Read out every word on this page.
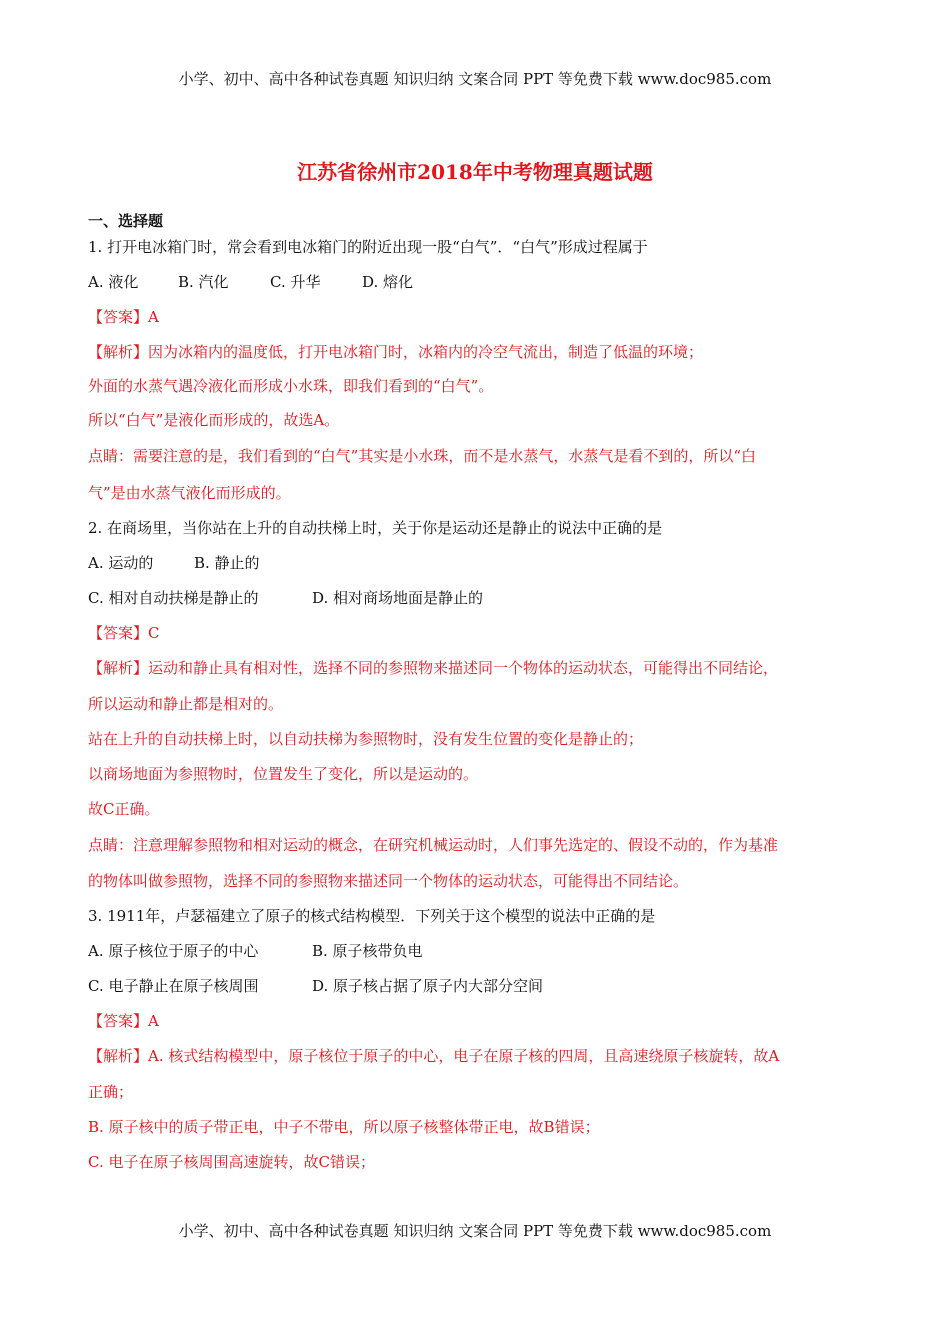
小学、初中、高中各种试卷真题 知识归纳 文案合同 PPT 等免费下载 www.doc985.com
江苏省徐州市2018年中考物理真题试题
一、选择题
1. 打开电冰箱门时，常会看到电冰箱门的附近出现一股“白气”．“白气”形成过程属于
A. 液化	B. 汽化	C. 升华	D. 熔化
【答案】A
【解析】因为冰箱内的温度低，打开电冰箱门时，冰箱内的冷空气流出，制造了低温的环境；
外面的水蒸气遇冷液化而形成小水珠，即我们看到的“白气”。
所以“白气”是液化而形成的，故选A。
点睛：需要注意的是，我们看到的“白气”其实是小水珠，而不是水蒸气，水蒸气是看不到的，所以“白
气”是由水蒸气液化而形成的。
2. 在商场里，当你站在上升的自动扶梯上时，关于你是运动还是静止的说法中正确的是
A. 运动的	B. 静止的
C. 相对自动扶梯是静止的	D. 相对商场地面是静止的
【答案】C
【解析】运动和静止具有相对性，选择不同的参照物来描述同一个物体的运动状态，可能得出不同结论，
所以运动和静止都是相对的。
站在上升的自动扶梯上时，以自动扶梯为参照物时，没有发生位置的变化是静止的；
以商场地面为参照物时，位置发生了变化，所以是运动的。
故C正确。
点睛：注意理解参照物和相对运动的概念，在研究机械运动时，人们事先选定的、假设不动的，作为基准
的物体叫做参照物，选择不同的参照物来描述同一个物体的运动状态，可能得出不同结论。
3. 1911年，卢瑟福建立了原子的核式结构模型．下列关于这个模型的说法中正确的是
A. 原子核位于原子的中心	B. 原子核带负电
C. 电子静止在原子核周围	D. 原子核占据了原子内大部分空间
【答案】A
【解析】A. 核式结构模型中，原子核位于原子的中心，电子在原子核的四周，且高速绕原子核旋转，故A
正确；
B. 原子核中的质子带正电，中子不带电，所以原子核整体带正电，故B错误；
C. 电子在原子核周围高速旋转，故C错误；
小学、初中、高中各种试卷真题 知识归纳 文案合同 PPT 等免费下载 www.doc985.com
